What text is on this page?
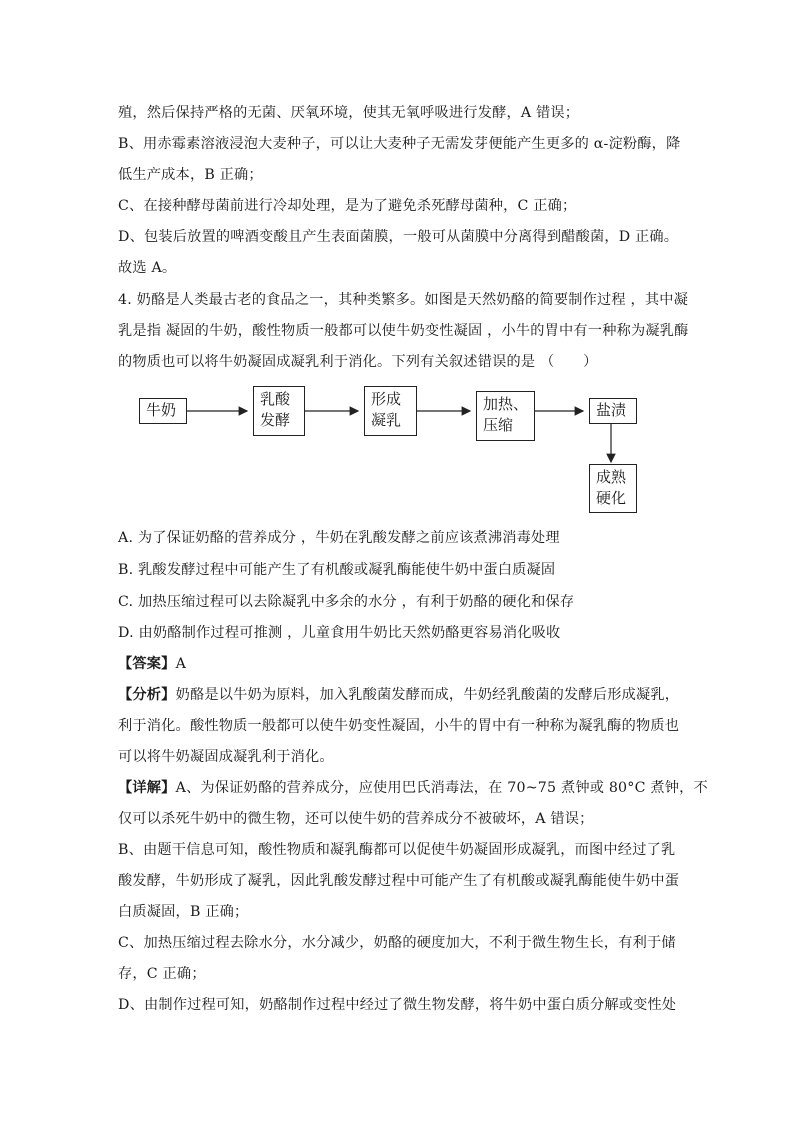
殖，然后保持严格的无菌、厌氧环境，使其无氧呼吸进行发酵，A 错误；
B、用赤霉素溶液浸泡大麦种子，可以让大麦种子无需发芽便能产生更多的 α-淀粉酶，降
低生产成本，B 正确；
C、在接种酵母菌前进行冷却处理，是为了避免杀死酵母菌种，C 正确；
D、包装后放置的啤酒变酸且产生表面菌膜，一般可从菌膜中分离得到醋酸菌，D 正确。
故选 A。
4. 奶酪是人类最古老的食品之一，其种类繁多。如图是天然奶酪的简要制作过程 ，其中凝
乳是指 凝固的牛奶，酸性物质一般都可以使牛奶变性凝固 ，小牛的胃中有一种称为凝乳酶
的物质也可以将牛奶凝固成凝乳利于消化。下列有关叙述错误的是 （　　）
牛奶
乳酸
发酵
形成
凝乳
加热、
压缩
盐渍
成熟
硬化
A. 为了保证奶酪的营养成分 ，牛奶在乳酸发酵之前应该煮沸消毒处理
B. 乳酸发酵过程中可能产生了有机酸或凝乳酶能使牛奶中蛋白质凝固
C. 加热压缩过程可以去除凝乳中多余的水分 ，有利于奶酪的硬化和保存
D. 由奶酪制作过程可推测 ，儿童食用牛奶比天然奶酪更容易消化吸收
【答案】A
【分析】奶酪是以牛奶为原料，加入乳酸菌发酵而成，牛奶经乳酸菌的发酵后形成凝乳，
利于消化。酸性物质一般都可以使牛奶变性凝固，小牛的胃中有一种称为凝乳酶的物质也
可以将牛奶凝固成凝乳利于消化。
【详解】A、为保证奶酪的营养成分，应使用巴氏消毒法，在 70~75 煮钟或 80°C 煮钟，不
仅可以杀死牛奶中的微生物，还可以使牛奶的营养成分不被破坏，A 错误；
B、由题干信息可知，酸性物质和凝乳酶都可以促使牛奶凝固形成凝乳，而图中经过了乳
酸发酵，牛奶形成了凝乳，因此乳酸发酵过程中可能产生了有机酸或凝乳酶能使牛奶中蛋
白质凝固，B 正确；
C、加热压缩过程去除水分，水分减少，奶酪的硬度加大，不利于微生物生长，有利于储
存，C 正确；
D、由制作过程可知，奶酪制作过程中经过了微生物发酵，将牛奶中蛋白质分解或变性处
